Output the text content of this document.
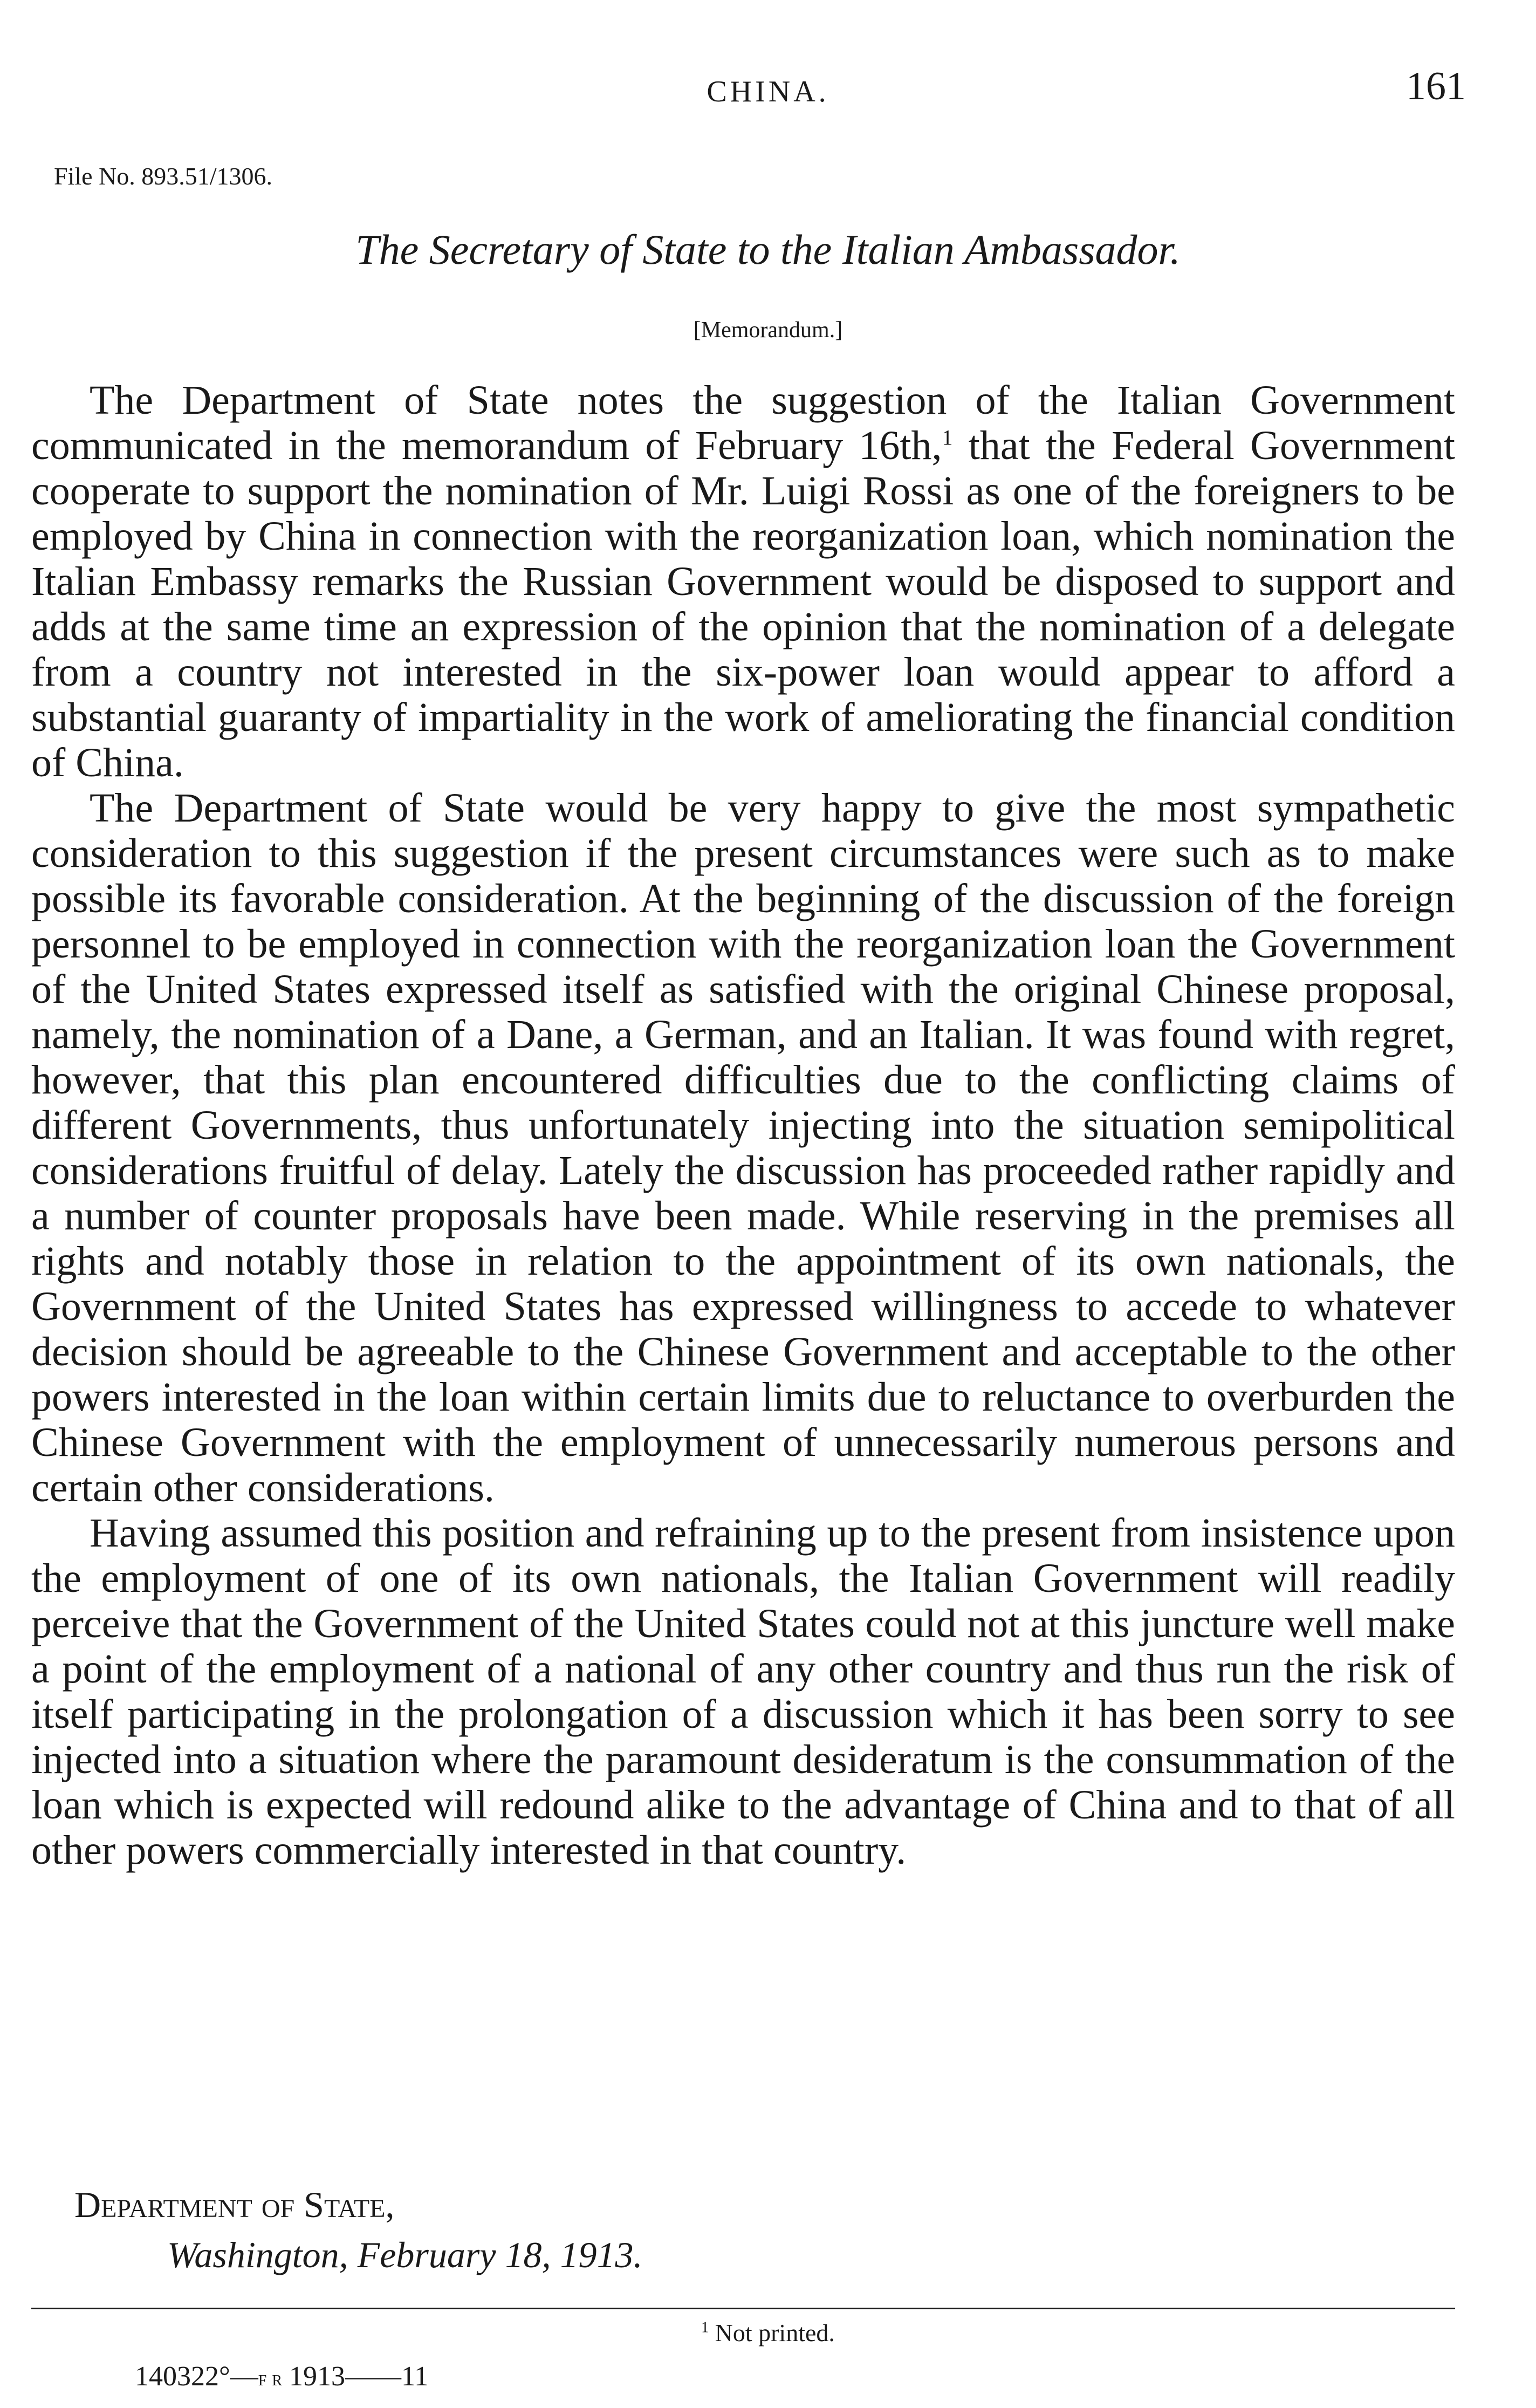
CHINA.	161
File No. 893.51/1306.
The Secretary of State to the Italian Ambassador.
[Memorandum.]

The Department of State notes the suggestion of the Italian Government communicated in the memorandum of February 16th,$^1$ that the Federal Government cooperate to support the nomination of Mr. Luigi Rossi as one of the foreigners to be employed by China in connection with the reorganization loan, which nomination the Italian Embassy remarks the Russian Government would be disposed to support and adds at the same time an expression of the opinion that the nomination of a delegate from a country not interested in the six-power loan would appear to afford a substantial guaranty of impartiality in the work of ameliorating the financial condition of China.

The Department of State would be very happy to give the most sympathetic consideration to this suggestion if the present circumstances were such as to make possible its favorable consideration. At the beginning of the discussion of the foreign personnel to be employed in connection with the reorganization loan the Government of the United States expressed itself as satisfied with the original Chinese proposal, namely, the nomination of a Dane, a German, and an Italian. It was found with regret, however, that this plan encountered difficulties due to the conflicting claims of different Governments, thus unfortunately injecting into the situation semipolitical considerations fruitful of delay. Lately the discussion has proceeded rather rapidly and a number of counter proposals have been made. While reserving in the premises all rights and notably those in relation to the appointment of its own nationals, the Government of the United States has expressed willingness to accede to whatever decision should be agreeable to the Chinese Government and acceptable to the other powers interested in the loan within certain limits due to reluctance to overburden the Chinese Government with the employment of unnecessarily numerous persons and certain other considerations.

Having assumed this position and refraining up to the present from insistence upon the employment of one of its own nationals, the Italian Government will readily perceive that the Government of the United States could not at this juncture well make a point of the employment of a national of any other country and thus run the risk of itself participating in the prolongation of a discussion which it has been sorry to see injected into a situation where the paramount desideratum is the consummation of the loan which is expected will redound alike to the advantage of China and to that of all other powers commercially interested in that country.

Department of State,
Washington, February 18, 1913.
$^1$ Not printed.
140322°—f r 1913——11
